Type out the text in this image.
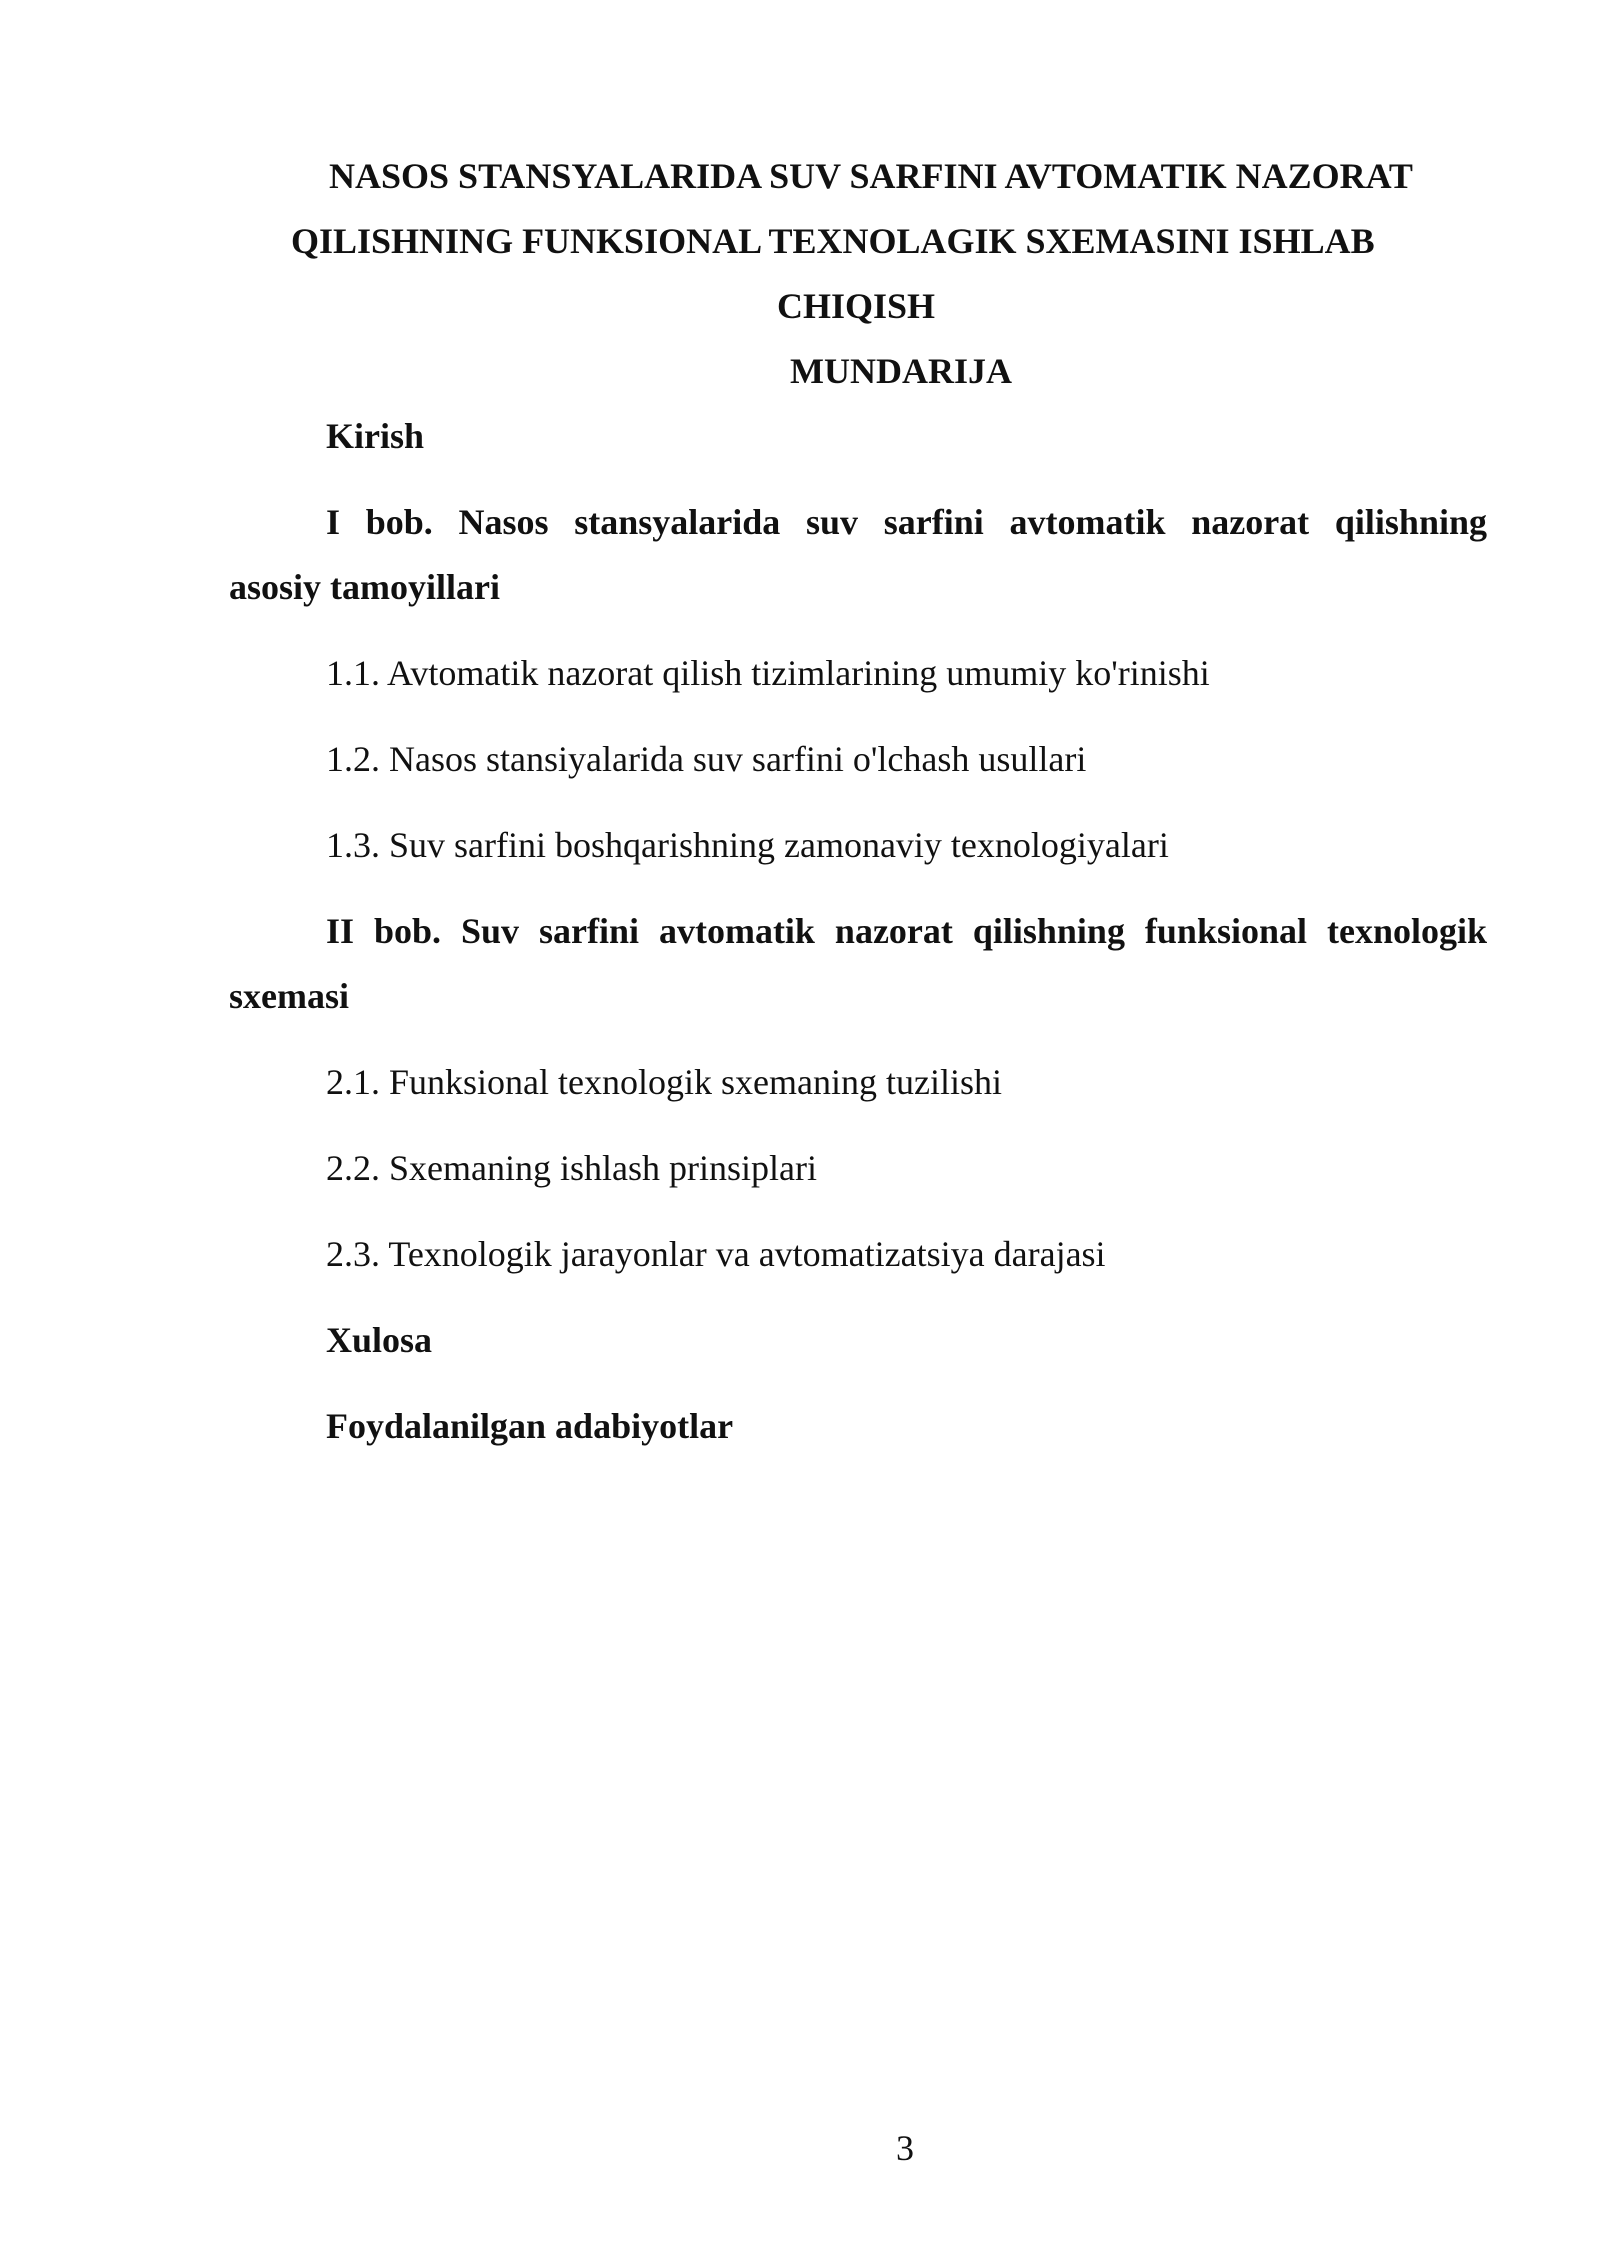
NASOS STANSYALARIDA SUV SARFINI AVTOMATIK NAZORAT
QILISHNING FUNKSIONAL TEXNOLAGIK SXEMASINI ISHLAB
CHIQISH
MUNDARIJA
Kirish
I bob. Nasos stansyalarida suv sarfini avtomatik nazorat qilishning
asosiy tamoyillari
1.1. Avtomatik nazorat qilish tizimlarining umumiy ko'rinishi
1.2. Nasos stansiyalarida suv sarfini o'lchash usullari
1.3. Suv sarfini boshqarishning zamonaviy texnologiyalari
II bob. Suv sarfini avtomatik nazorat qilishning funksional texnologik
sxemasi
2.1. Funksional texnologik sxemaning tuzilishi
2.2. Sxemaning ishlash prinsiplari
2.3. Texnologik jarayonlar va avtomatizatsiya darajasi
Xulosa
Foydalanilgan adabiyotlar
3
